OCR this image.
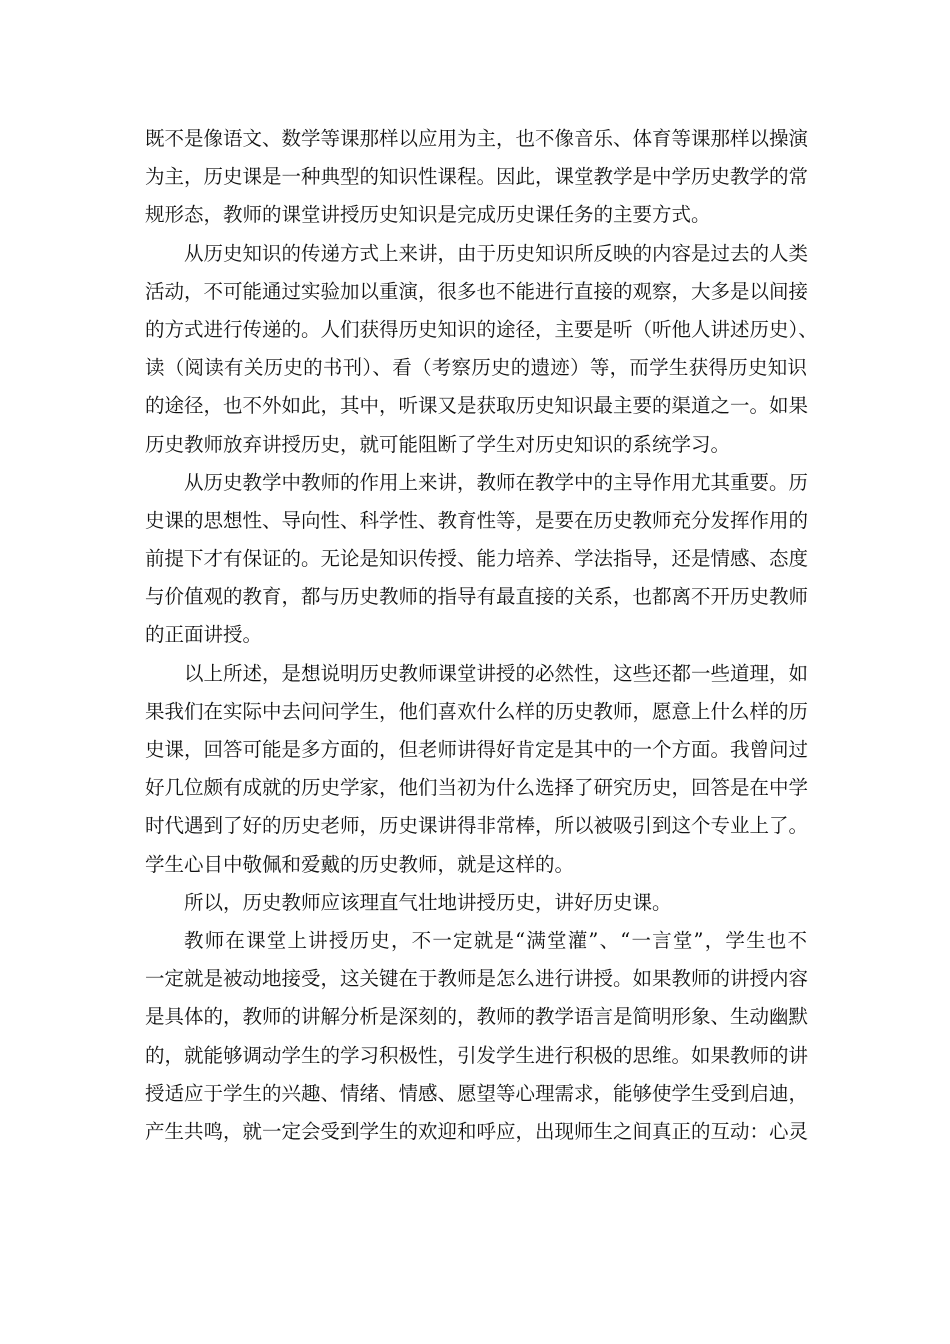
既不是像语文、数学等课那样以应用为主，也不像音乐、体育等课那样以操演
为主，历史课是一种典型的知识性课程。因此，课堂教学是中学历史教学的常
规形态，教师的课堂讲授历史知识是完成历史课任务的主要方式。
从历史知识的传递方式上来讲，由于历史知识所反映的内容是过去的人类
活动，不可能通过实验加以重演，很多也不能进行直接的观察，大多是以间接
的方式进行传递的。人们获得历史知识的途径，主要是听（听他人讲述历史）、
读（阅读有关历史的书刊）、看（考察历史的遗迹）等，而学生获得历史知识
的途径，也不外如此，其中，听课又是获取历史知识最主要的渠道之一。如果
历史教师放弃讲授历史，就可能阻断了学生对历史知识的系统学习。
从历史教学中教师的作用上来讲，教师在教学中的主导作用尤其重要。历
史课的思想性、导向性、科学性、教育性等，是要在历史教师充分发挥作用的
前提下才有保证的。无论是知识传授、能力培养、学法指导，还是情感、态度
与价值观的教育，都与历史教师的指导有最直接的关系，也都离不开历史教师
的正面讲授。
以上所述，是想说明历史教师课堂讲授的必然性，这些还都一些道理，如
果我们在实际中去问问学生，他们喜欢什么样的历史教师，愿意上什么样的历
史课，回答可能是多方面的，但老师讲得好肯定是其中的一个方面。我曾问过
好几位颇有成就的历史学家，他们当初为什么选择了研究历史，回答是在中学
时代遇到了好的历史老师，历史课讲得非常棒，所以被吸引到这个专业上了。
学生心目中敬佩和爱戴的历史教师，就是这样的。
所以，历史教师应该理直气壮地讲授历史，讲好历史课。
教师在课堂上讲授历史，不一定就是“满堂灌”、“一言堂”，学生也不
一定就是被动地接受，这关键在于教师是怎么进行讲授。如果教师的讲授内容
是具体的，教师的讲解分析是深刻的，教师的教学语言是简明形象、生动幽默
的，就能够调动学生的学习积极性，引发学生进行积极的思维。如果教师的讲
授适应于学生的兴趣、情绪、情感、愿望等心理需求，能够使学生受到启迪，
产生共鸣，就一定会受到学生的欢迎和呼应，出现师生之间真正的互动：心灵
